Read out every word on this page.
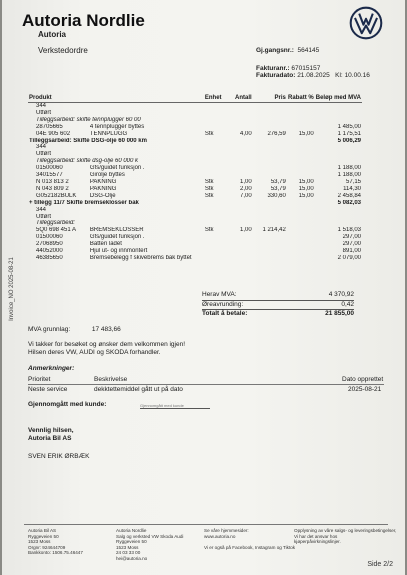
Autoria Nordlie
Autoria
Verkstedordre	Gj.gangsnr.: 564145
Fakturanr.: 67015157
Fakturadato: 21.08.2025 Kl: 10.00.16
Produkt		Enhet	Antall	Pris	Rabatt %	Beløp med MVA
344						
Utført						
Tilleggsarbeid: skifte tennplugger 60 00						
28705665	4 tennplugger byttes					1 485,00
04E 905 602	TENNPLUGG	Stk	4,00	276,59	15,00	1 175,51
Tilleggsarbeid: Skifte DSG-olje 60 000 km						5 006,29
344						
Utført						
Tilleggsarbeid: skifte dsg-olje 60 000 k						
01500060	Gfs/guidet funksjon .					1 188,00
34015577	Girolje byttes					1 188,00
N 013 813 2	PAKNING	Stk	1,00	53,79	15,00	57,15
N 043 809 2	PAKNING	Stk	2,00	53,79	15,00	114,30
G052182BULK	DSG-Olje	Stk	7,00	330,60	15,00	2 458,84
+ tillegg 11/7 Skifte bremseklosser bak						5 082,03
344						
Utført						
Tilleggsarbeid:						
5Q0 698 451 A	BREMSEKLOSSER	Stk	1,00	1 214,42		1 518,03
01500060	Gfs/guidet funksjon .					297,00
27068950	Batteri ladet					297,00
44052000	Hjul ut- og innmontert					891,00
46385650	Bremsebelegg f skivebrems bak byttet					2 079,00
Herav MVA:	4 370,92
Øreavrunding:	0,42
Totalt å betale:	21 855,00
MVA grunnlag:	17 483,66
Vi takker for besøket og ønsker dem velkommen igjen!
Hilsen deres VW, AUDI og SKODA forhandler.
Anmerkninger:
Prioritet	Beskrivelse	Dato opprettet
Neste service	dekktettemiddel gått ut på dato	2025-08-21
Gjennomgått med kunde:	Gjennomgått med kunde
Vennlig hilsen,
Autoria Bil AS
SVEN ERIK ØRBÆK
Invoice_NO 2025-08-21
Autoria Bil AS
Ryggeveien 50
1523 Moss
Orgnr: 924644709
Bankkonto: 1506.75.46447
Autoria Nordlie
Salg og verksted VW Skoda Audi
Ryggeveien 50
1523 Moss
24 03 33 00
hei@autoria.no
Se våre hjemmesider:
www.autoria.no

Vi er også på Facebook, Instagram og Tiktok
Opplysning av våre salgs- og leveringsbetingelser,
Vi har det ansvar hos
kjøperpåvirkningslinjer.
Side 2/2
